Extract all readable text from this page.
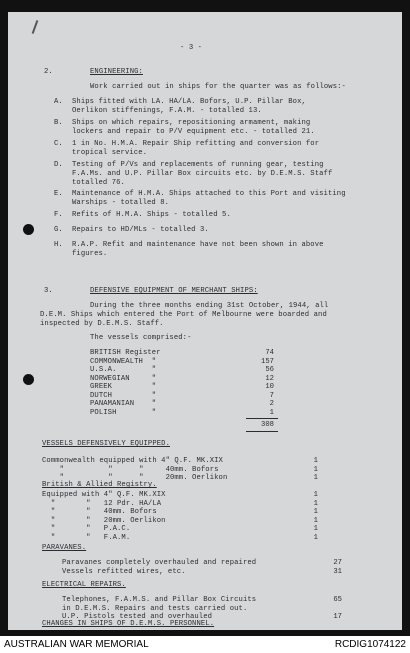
- 3 -
2.	ENGINEERING:
Work carried out in ships for the quarter was as follows:-
A. Ships fitted with LA. HA/LA. Bofors, U.P. Pillar Box,
Oerlikon stiffenings, F.A.M. - totalled 13.
B. Ships on which repairs, repositioning armament, making
lockers and repair to P/V equipment etc. - totalled 21.
C. 1 in No. H.M.A. Repair Ship refitting and conversion for
tropical service.
D. Testing of P/Vs and replacements of running gear, testing
F.A.Ms. and U.P. Pillar Box circuits etc. by D.E.M.S. Staff
totalled 76.
E. Maintenance of H.M.A. Ships attached to this Port and visiting
Warships - totalled 8.
F. Refits of H.M.A. Ships - totalled 5.
G. Repairs to HD/MLs - totalled 3.
H. R.A.P. Refit and maintenance have not been shown in above
figures.
3.	DEFENSIVE EQUIPMENT OF MERCHANT SHIPS:
During the three months ending 31st October, 1944, all
D.E.M. Ships which entered the Port of Melbourne were boarded and
inspected by D.E.M.S. Staff.
The vessels comprised:-
BRITISH Register	74
COMMONWEALTH  "	157
U.S.A.        "	56
NORWEGIAN     "	12
GREEK         "	10
DUTCH         "	7
PANAMANIAN    "	2
POLISH        "	1
308
VESSELS DEFENSIVELY EQUIPPED.
Commonwealth equipped with 4" Q.F. MK.XIX	1
"          "      "     40mm. Bofors	1
"          "      "     20mm. Oerlikon	1
British & Allied Registry.
Equipped with 4" Q.F. MK.XIX	1
"       "   12 Pdr. HA/LA	1
"       "   40mm. Bofors	1
"       "   20mm. Oerlikon	1
"       "   P.A.C.	1
"       "   F.A.M.	1
PARAVANES.
Paravanes completely overhauled and repaired	27
Vessels refitted wires, etc.	31
ELECTRICAL REPAIRS.
Telephones, F.A.M.S. and Pillar Box Circuits	65
in D.E.M.S. Repairs and tests carried out.
U.P. Pistols tested and overhauled	17
CHANGES IN SHIPS OF D.E.M.S. PERSONNEL.
AUSTRALIAN WAR MEMORIAL	RCDIG1074122
